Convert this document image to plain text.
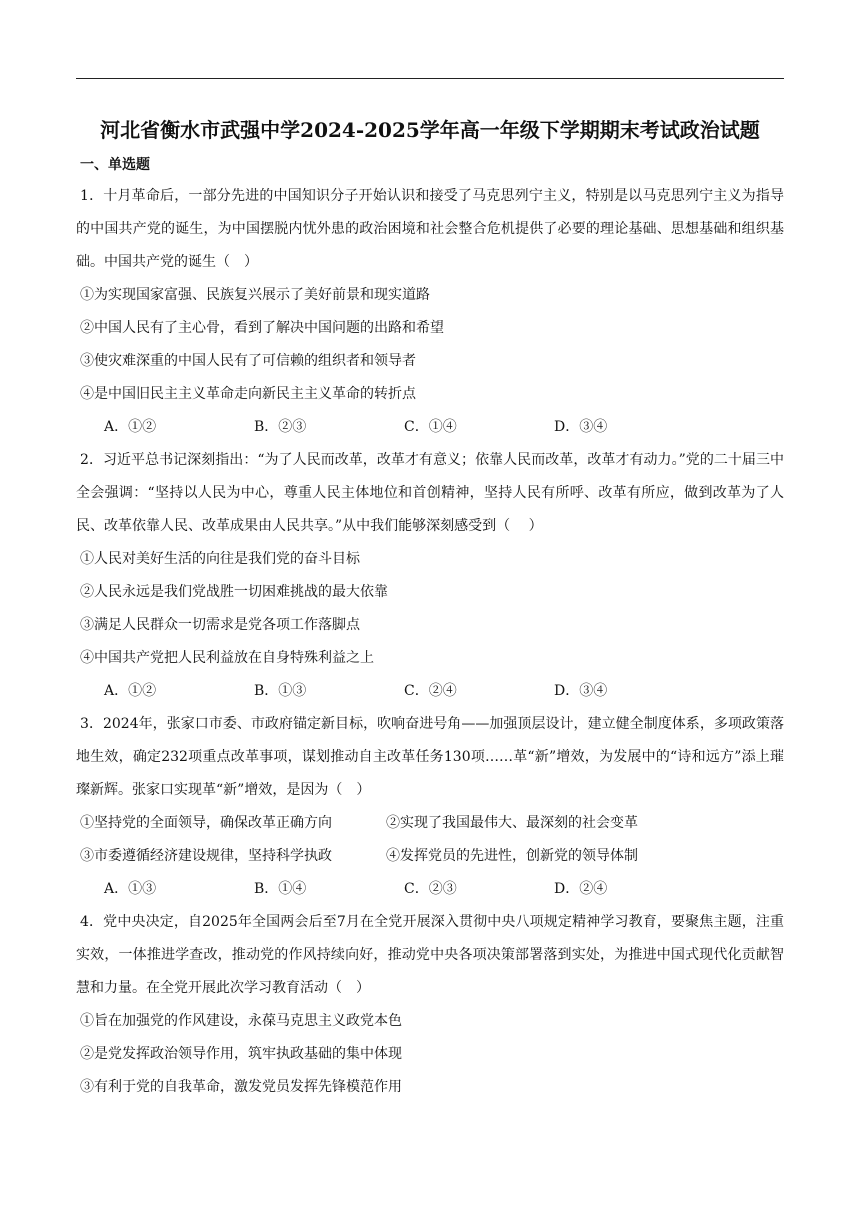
河北省衡水市武强中学2024-2025学年高一年级下学期期末考试政治试题
一、单选题

1．十月革命后，一部分先进的中国知识分子开始认识和接受了马克思列宁主义，特别是以马克思列宁主义为指导的中国共产党的诞生，为中国摆脱内忧外患的政治困境和社会整合危机提供了必要的理论基础、思想基础和组织基础。中国共产党的诞生（　）

①为实现国家富强、民族复兴展示了美好前景和现实道路
②中国人民有了主心骨，看到了解决中国问题的出路和希望
③使灾难深重的中国人民有了可信赖的组织者和领导者
④是中国旧民主主义革命走向新民主主义革命的转折点
A．①②	B．②③	C．①④	D．③④

2．习近平总书记深刻指出：“为了人民而改革，改革才有意义；依靠人民而改革，改革才有动力。”党的二十届三中全会强调：“坚持以人民为中心，尊重人民主体地位和首创精神，坚持人民有所呼、改革有所应，做到改革为了人民、改革依靠人民、改革成果由人民共享。”从中我们能够深刻感受到（　 ）

①人民对美好生活的向往是我们党的奋斗目标
②人民永远是我们党战胜一切困难挑战的最大依靠
③满足人民群众一切需求是党各项工作落脚点
④中国共产党把人民利益放在自身特殊利益之上
A．①②	B．①③	C．②④	D．③④

3．2024年，张家口市委、市政府锚定新目标，吹响奋进号角——加强顶层设计，建立健全制度体系，多项政策落地生效，确定232项重点改革事项，谋划推动自主改革任务130项……革“新”增效，为发展中的“诗和远方”添上璀璨新辉。张家口实现革“新”增效，是因为（　）

①坚持党的全面领导，确保改革正确方向	②实现了我国最伟大、最深刻的社会变革
③市委遵循经济建设规律，坚持科学执政	④发挥党员的先进性，创新党的领导体制
A．①③	B．①④	C．②③	D．②④

4．党中央决定，自2025年全国两会后至7月在全党开展深入贯彻中央八项规定精神学习教育，要聚焦主题，注重实效，一体推进学查改，推动党的作风持续向好，推动党中央各项决策部署落到实处，为推进中国式现代化贡献智慧和力量。在全党开展此次学习教育活动（　）

①旨在加强党的作风建设，永葆马克思主义政党本色
②是党发挥政治领导作用，筑牢执政基础的集中体现
③有利于党的自我革命，激发党员发挥先锋模范作用
